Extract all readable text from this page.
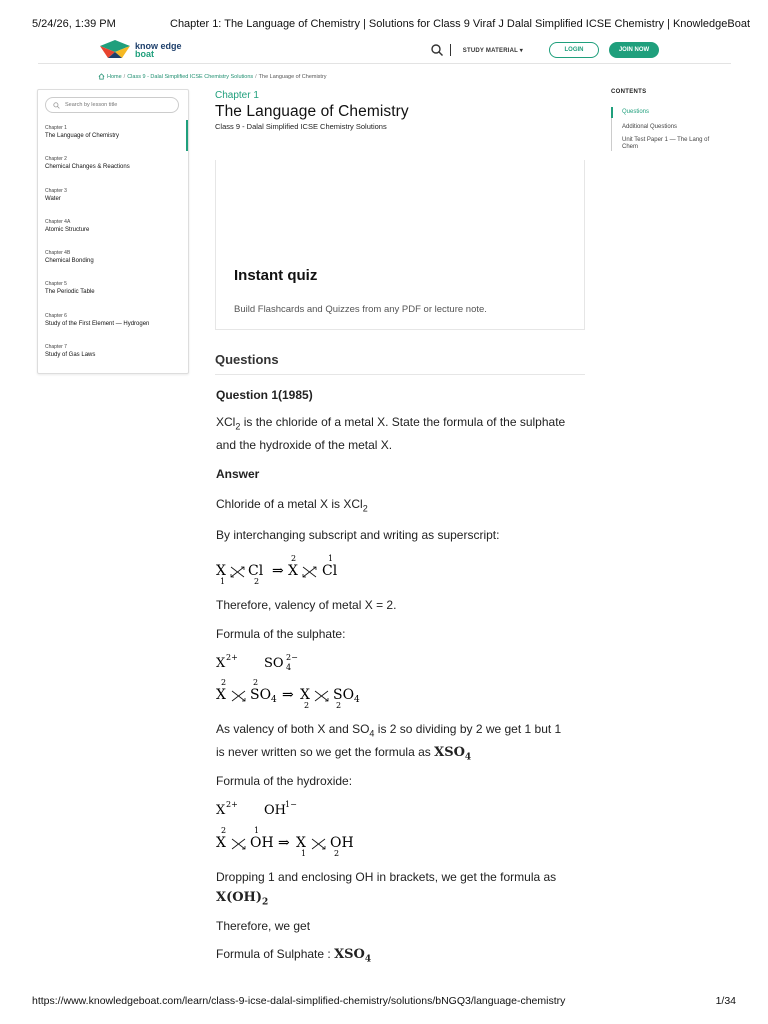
5/24/26, 1:39 PM	Chapter 1: The Language of Chemistry | Solutions for Class 9 Viraf J Dalal Simplified ICSE Chemistry | KnowledgeBoat
know edge
boat	STUDY MATERIAL ▾	LOGIN	JOIN NOW
Home / Class 9 - Dalal Simplified ICSE Chemistry Solutions / The Language of Chemistry
Search by lesson title
Chapter 1
The Language of Chemistry
Chapter 2
Chemical Changes & Reactions
Chapter 3
Water
Chapter 4A
Atomic Structure
Chapter 4B
Chemical Bonding
Chapter 5
The Periodic Table
Chapter 6
Study of the First Element — Hydrogen
Chapter 7
Study of Gas Laws
Chapter 1
The Language of Chemistry
Class 9 - Dalal Simplified ICSE Chemistry Solutions
Instant quiz
Build Flashcards and Quizzes from any PDF or lecture note.
CONTENTS
Questions
Additional Questions
Unit Test Paper 1 — The Lang of Chem
Questions
Question 1(1985)
XCl$_2$ is the chloride of a metal X. State the formula of the sulphate
and the hydroxide of the metal X.
Answer
Chloride of a metal X is XCl$_2$
By interchanging subscript and writing as superscript:
X
1
Cl
2
⇒
2
X
1
Cl
Therefore, valency of metal X = 2.
Formula of the sulphate:
X 2+ SO 2−
4
2
X
2
SO 4 ⇒ X
2
SO
2
4
As valency of both X and $SO_4$ is 2 so dividing by 2 we get 1 but 1
is never written so we get the formula as $XSO_4$
Formula of the hydroxide:
X 2+ OH 1−
2
X
1
OH ⇒ X
1
OH
2
Dropping 1 and enclosing OH in brackets, we get the formula as
$X(OH)_2$
Therefore, we get
Formula of Sulphate : $XSO_4$
https://www.knowledgeboat.com/learn/class-9-icse-dalal-simplified-chemistry/solutions/bNGQ3/language-chemistry	1/34
